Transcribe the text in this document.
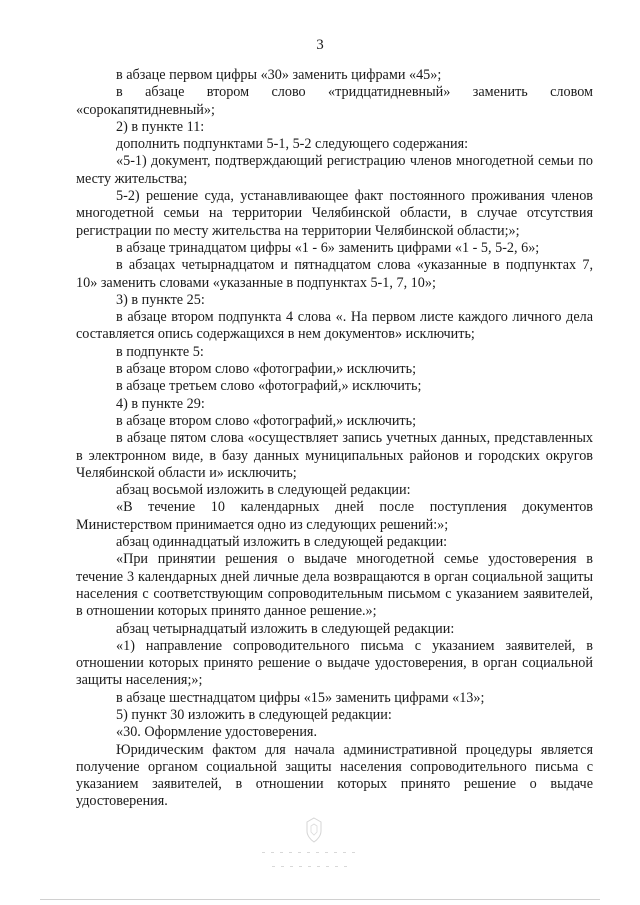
3

в абзаце первом цифры «30» заменить цифрами «45»;

в абзаце втором слово «тридцатидневный» заменить словом «сорокапятидневный»;

2) в пункте 11:

дополнить подпунктами 5-1, 5-2 следующего содержания:

«5-1) документ, подтверждающий регистрацию членов многодетной семьи по месту жительства;

5-2) решение суда, устанавливающее факт постоянного проживания членов многодетной семьи на территории Челябинской области, в случае отсутствия регистрации по месту жительства на территории Челябинской области;»;

в абзаце тринадцатом цифры «1 - 6» заменить цифрами «1 - 5, 5-2, 6»;

в абзацах четырнадцатом и пятнадцатом слова «указанные в подпунктах 7, 10» заменить словами «указанные в подпунктах 5-1, 7, 10»;

3) в пункте 25:

в абзаце втором подпункта 4 слова «. На первом листе каждого личного дела составляется опись содержащихся в нем документов» исключить;

в подпункте 5:

в абзаце втором слово «фотографии,» исключить;

в абзаце третьем слово «фотографий,» исключить;

4) в пункте 29:

в абзаце втором слово «фотографий,» исключить;

в абзаце пятом слова «осуществляет запись учетных данных, представленных в электронном виде, в базу данных муниципальных районов и городских округов Челябинской области и» исключить;

абзац восьмой изложить в следующей редакции:

«В течение 10 календарных дней после поступления документов Министерством принимается одно из следующих решений:»;

абзац одиннадцатый изложить в следующей редакции:

«При принятии решения о выдаче многодетной семье удостоверения в течение 3 календарных дней личные дела возвращаются в орган социальной защиты населения с соответствующим сопроводительным письмом с указанием заявителей, в отношении которых принято данное решение.»;

абзац четырнадцатый изложить в следующей редакции:

«1) направление сопроводительного письма с указанием заявителей, в отношении которых принято решение о выдаче удостоверения, в орган социальной защиты населения;»;

в абзаце шестнадцатом цифры «15» заменить цифрами «13»;

5) пункт 30 изложить в следующей редакции:

«30. Оформление удостоверения.

Юридическим фактом для начала административной процедуры является получение органом социальной защиты населения сопроводительного письма с указанием заявителей, в отношении которых принято решение о выдаче удостоверения.
